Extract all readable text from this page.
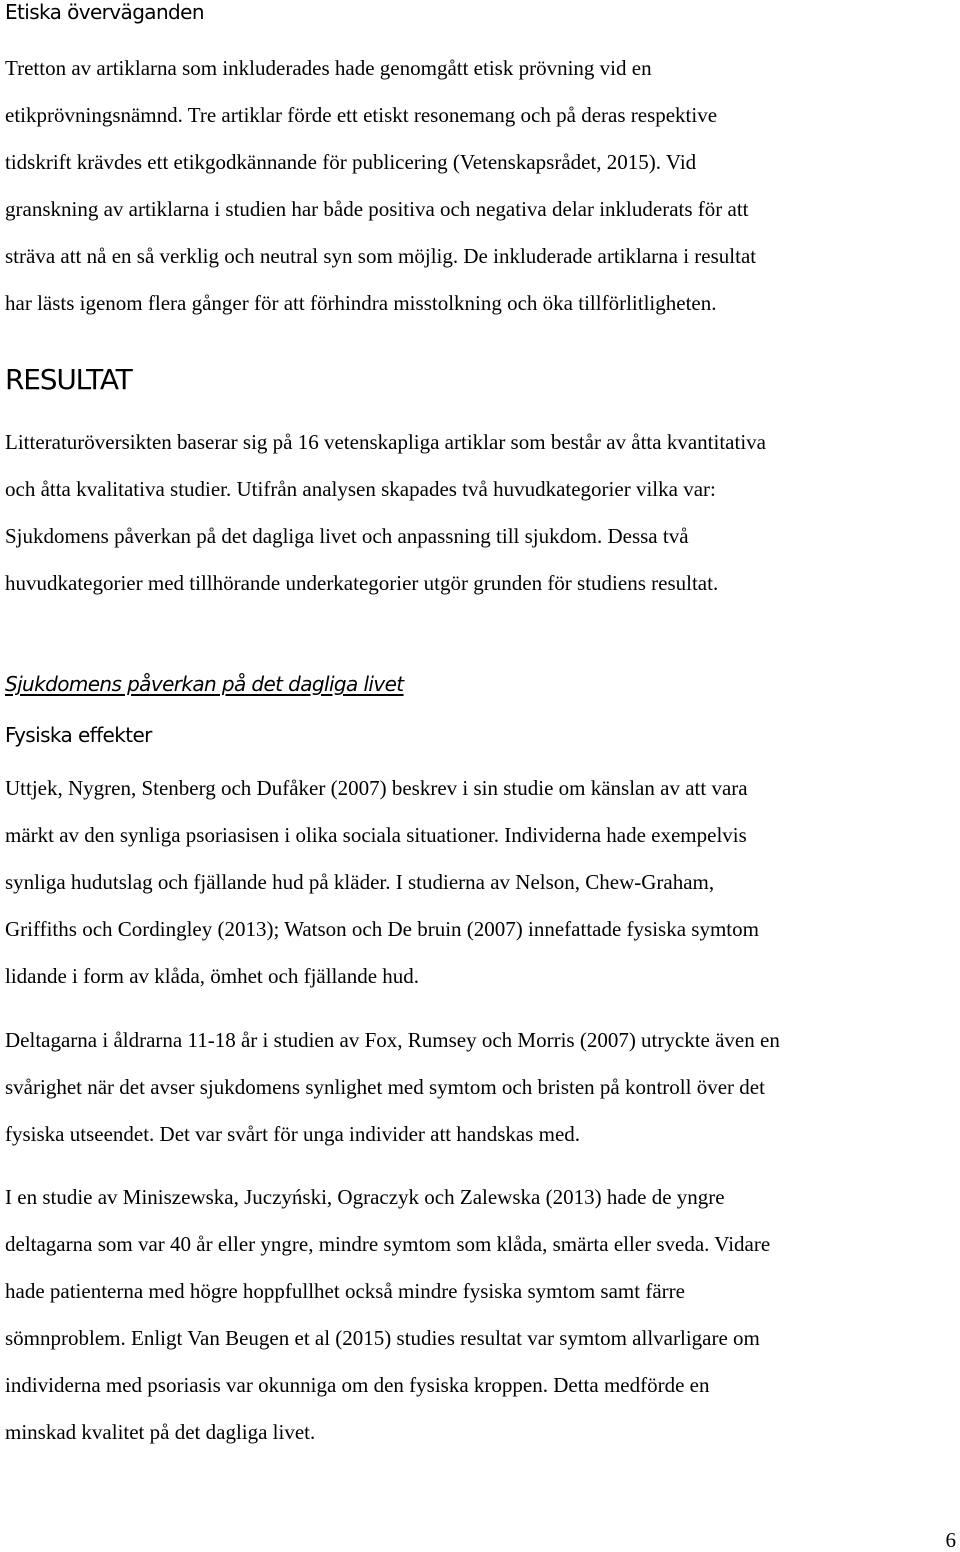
Etiska överväganden

Tretton av artiklarna som inkluderades hade genomgått etisk prövning vid en
etikprövningsnämnd. Tre artiklar förde ett etiskt resonemang och på deras respektive
tidskrift krävdes ett etikgodkännande för publicering (Vetenskapsrådet, 2015). Vid
granskning av artiklarna i studien har både positiva och negativa delar inkluderats för att
sträva att nå en så verklig och neutral syn som möjlig. De inkluderade artiklarna i resultat
har lästs igenom flera gånger för att förhindra misstolkning och öka tillförlitligheten.

RESULTAT

Litteraturöversikten baserar sig på 16 vetenskapliga artiklar som består av åtta kvantitativa
och åtta kvalitativa studier. Utifrån analysen skapades två huvudkategorier vilka var:
Sjukdomens påverkan på det dagliga livet och anpassning till sjukdom. Dessa två
huvudkategorier med tillhörande underkategorier utgör grunden för studiens resultat.

Sjukdomens påverkan på det dagliga livet
Fysiska effekter

Uttjek, Nygren, Stenberg och Dufåker (2007) beskrev i sin studie om känslan av att vara
märkt av den synliga psoriasisen i olika sociala situationer. Individerna hade exempelvis
synliga hudutslag och fjällande hud på kläder. I studierna av Nelson, Chew-Graham,
Griffiths och Cordingley (2013); Watson och De bruin (2007) innefattade fysiska symtom
lidande i form av klåda, ömhet och fjällande hud.

Deltagarna i åldrarna 11-18 år i studien av Fox, Rumsey och Morris (2007) utryckte även en
svårighet när det avser sjukdomens synlighet med symtom och bristen på kontroll över det
fysiska utseendet. Det var svårt för unga individer att handskas med.

I en studie av Miniszewska, Juczyński, Ograczyk och Zalewska (2013) hade de yngre
deltagarna som var 40 år eller yngre, mindre symtom som klåda, smärta eller sveda. Vidare
hade patienterna med högre hoppfullhet också mindre fysiska symtom samt färre
sömnproblem. Enligt Van Beugen et al (2015) studies resultat var symtom allvarligare om
individerna med psoriasis var okunniga om den fysiska kroppen. Detta medförde en
minskad kvalitet på det dagliga livet.

6
